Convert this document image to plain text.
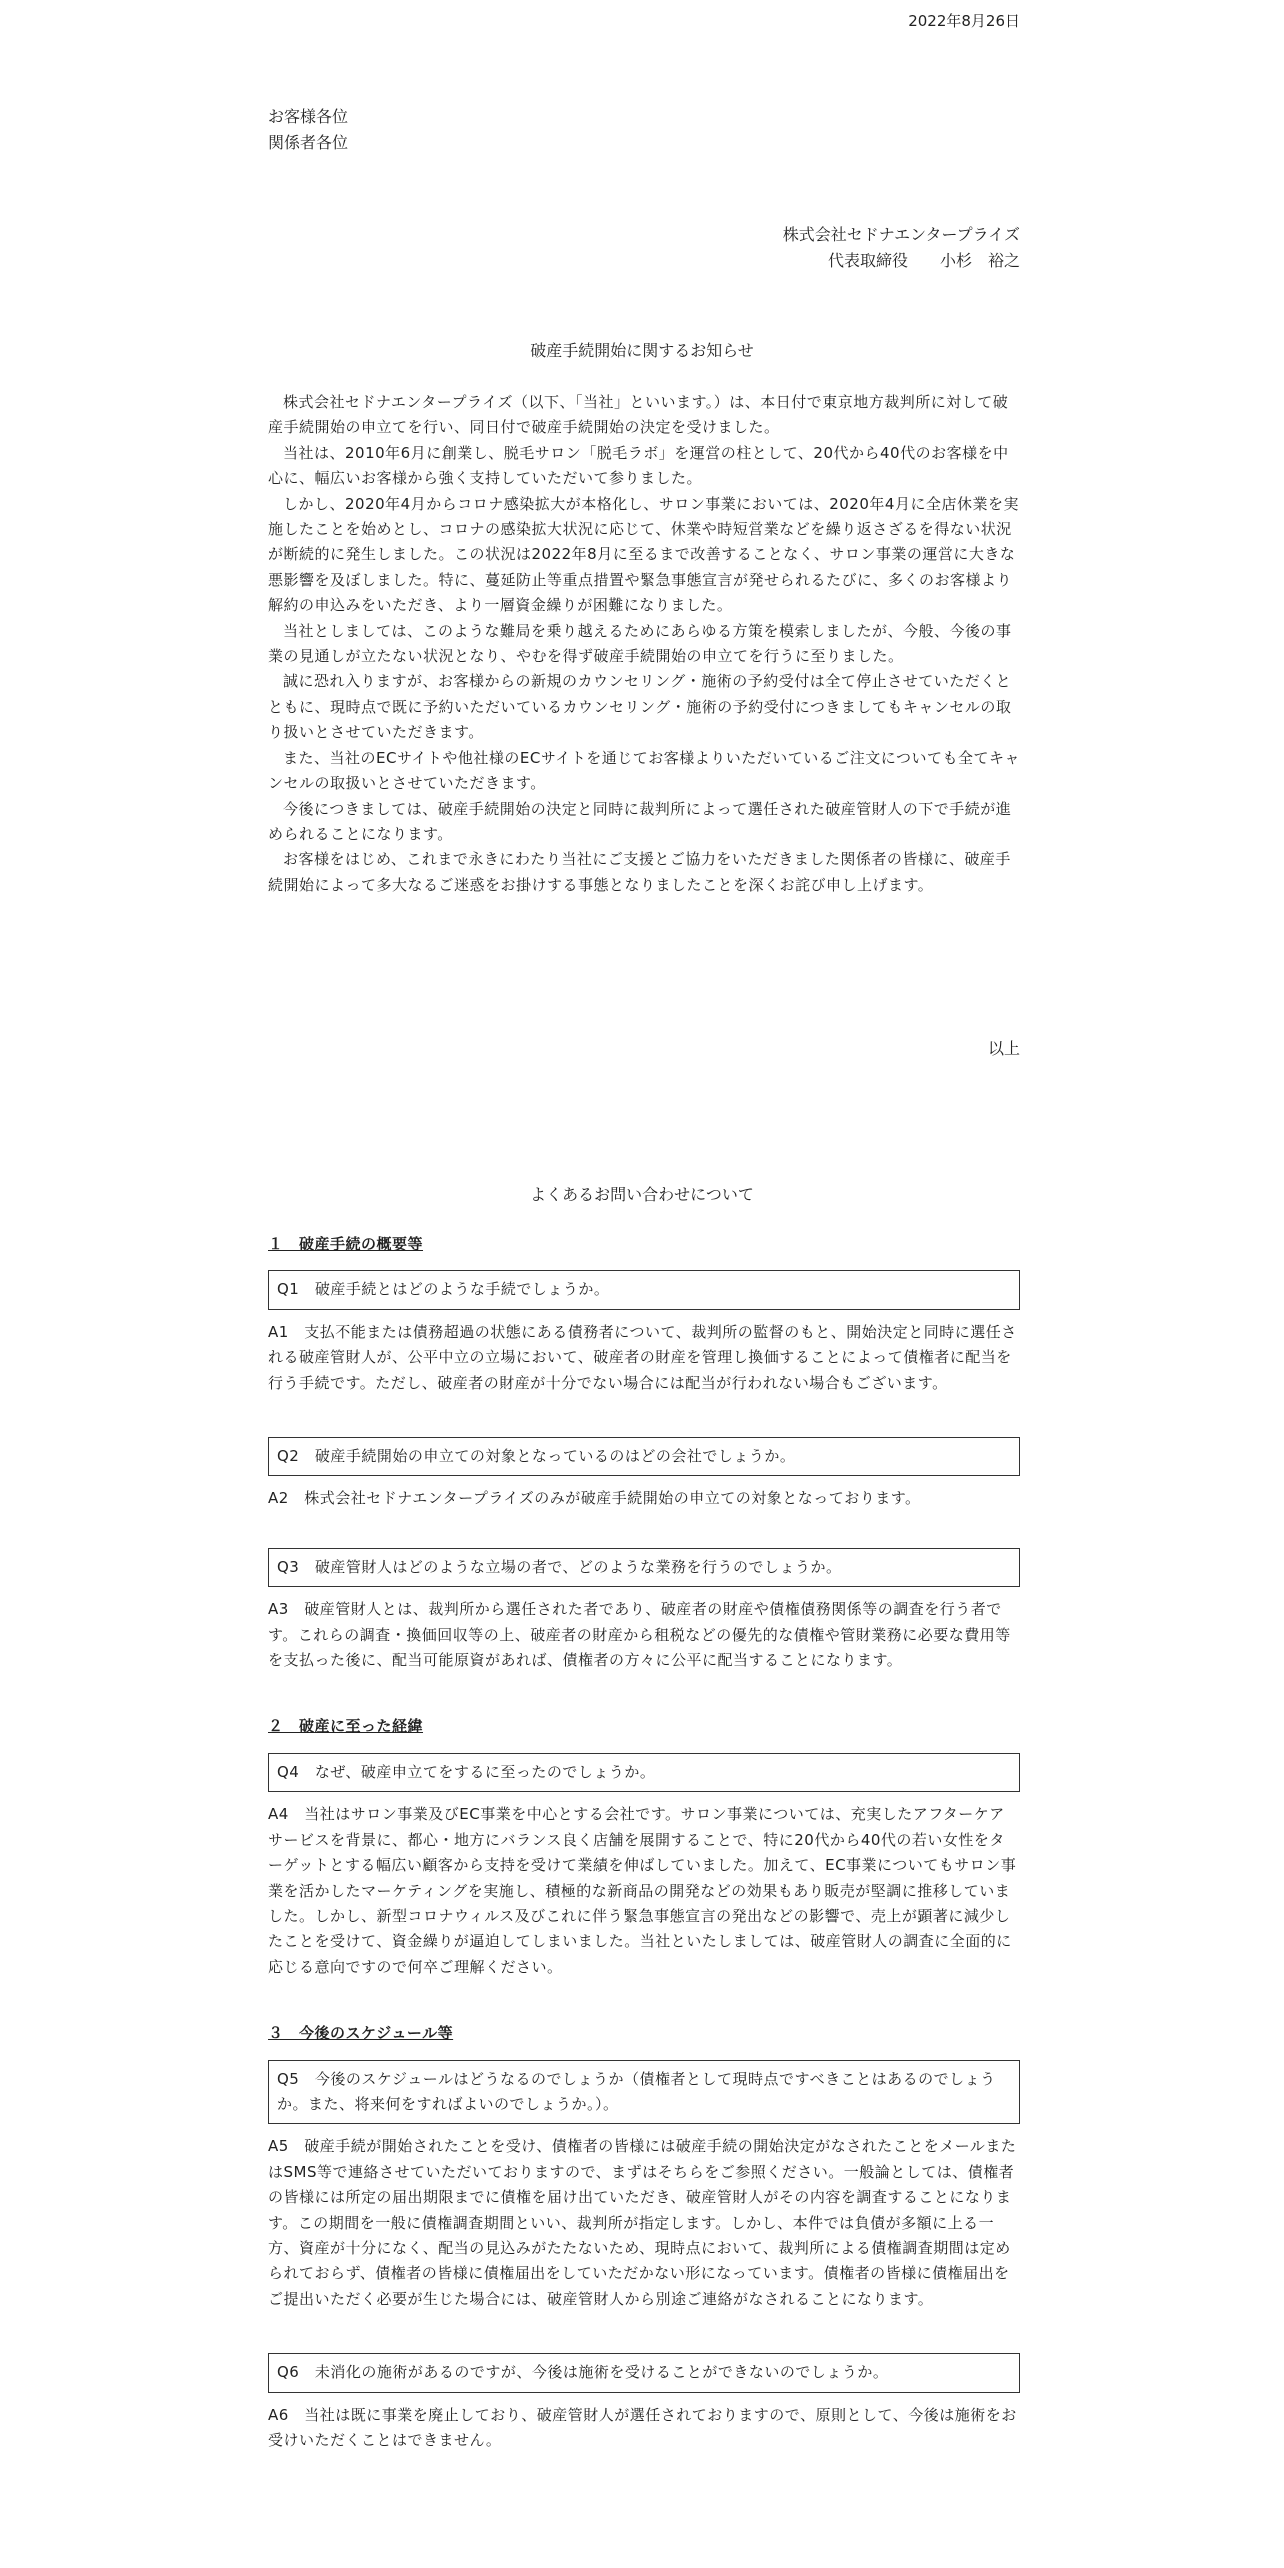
2022年8月26日
お客様各位
関係者各位
株式会社セドナエンタープライズ
代表取締役　　小杉　裕之
破産手続開始に関するお知らせ

株式会社セドナエンタープライズ（以下、「当社」といいます。）は、本日付で東京地方裁判所に対して破産手続開始の申立てを行い、同日付で破産手続開始の決定を受けました。

当社は、2010年6月に創業し、脱毛サロン「脱毛ラボ」を運営の柱として、20代から40代のお客様を中心に、幅広いお客様から強く支持していただいて参りました。

しかし、2020年4月からコロナ感染拡大が本格化し、サロン事業においては、2020年4月に全店休業を実施したことを始めとし、コロナの感染拡大状況に応じて、休業や時短営業などを繰り返さざるを得ない状況が断続的に発生しました。この状況は2022年8月に至るまで改善することなく、サロン事業の運営に大きな悪影響を及ぼしました。特に、蔓延防止等重点措置や緊急事態宣言が発せられるたびに、多くのお客様より解約の申込みをいただき、より一層資金繰りが困難になりました。

当社としましては、このような難局を乗り越えるためにあらゆる方策を模索しましたが、今般、今後の事業の見通しが立たない状況となり、やむを得ず破産手続開始の申立てを行うに至りました。

誠に恐れ入りますが、お客様からの新規のカウンセリング・施術の予約受付は全て停止させていただくとともに、現時点で既に予約いただいているカウンセリング・施術の予約受付につきましてもキャンセルの取り扱いとさせていただきます。

また、当社のECサイトや他社様のECサイトを通じてお客様よりいただいているご注文についても全てキャンセルの取扱いとさせていただきます。

今後につきましては、破産手続開始の決定と同時に裁判所によって選任された破産管財人の下で手続が進められることになります。

お客様をはじめ、これまで永きにわたり当社にご支援とご協力をいただきました関係者の皆様に、破産手続開始によって多大なるご迷惑をお掛けする事態となりましたことを深くお詫び申し上げます。

以上
よくあるお問い合わせについて
１　破産手続の概要等
Q1　破産手続とはどのような手続でしょうか。
A1　支払不能または債務超過の状態にある債務者について、裁判所の監督のもと、開始決定と同時に選任される破産管財人が、公平中立の立場において、破産者の財産を管理し換価することによって債権者に配当を行う手続です。ただし、破産者の財産が十分でない場合には配当が行われない場合もございます。
Q2　破産手続開始の申立ての対象となっているのはどの会社でしょうか。
A2　株式会社セドナエンタープライズのみが破産手続開始の申立ての対象となっております。
Q3　破産管財人はどのような立場の者で、どのような業務を行うのでしょうか。
A3　破産管財人とは、裁判所から選任された者であり、破産者の財産や債権債務関係等の調査を行う者です。これらの調査・換価回収等の上、破産者の財産から租税などの優先的な債権や管財業務に必要な費用等を支払った後に、配当可能原資があれば、債権者の方々に公平に配当することになります。
２　破産に至った経緯
Q4　なぜ、破産申立てをするに至ったのでしょうか。
A4　当社はサロン事業及びEC事業を中心とする会社です。サロン事業については、充実したアフターケアサービスを背景に、都心・地方にバランス良く店舗を展開することで、特に20代から40代の若い女性をターゲットとする幅広い顧客から支持を受けて業績を伸ばしていました。加えて、EC事業についてもサロン事業を活かしたマーケティングを実施し、積極的な新商品の開発などの効果もあり販売が堅調に推移していました。しかし、新型コロナウィルス及びこれに伴う緊急事態宣言の発出などの影響で、売上が顕著に減少したことを受けて、資金繰りが逼迫してしまいました。当社といたしましては、破産管財人の調査に全面的に応じる意向ですので何卒ご理解ください。
３　今後のスケジュール等
Q5　今後のスケジュールはどうなるのでしょうか（債権者として現時点ですべきことはあるのでしょうか。また、将来何をすればよいのでしょうか。）。
A5　破産手続が開始されたことを受け、債権者の皆様には破産手続の開始決定がなされたことをメールまたはSMS等で連絡させていただいておりますので、まずはそちらをご参照ください。一般論としては、債権者の皆様には所定の届出期限までに債権を届け出ていただき、破産管財人がその内容を調査することになります。この期間を一般に債権調査期間といい、裁判所が指定します。しかし、本件では負債が多額に上る一方、資産が十分になく、配当の見込みがたたないため、現時点において、裁判所による債権調査期間は定められておらず、債権者の皆様に債権届出をしていただかない形になっています。債権者の皆様に債権届出をご提出いただく必要が生じた場合には、破産管財人から別途ご連絡がなされることになります。
Q6　未消化の施術があるのですが、今後は施術を受けることができないのでしょうか。
A6　当社は既に事業を廃止しており、破産管財人が選任されておりますので、原則として、今後は施術をお受けいただくことはできません。
